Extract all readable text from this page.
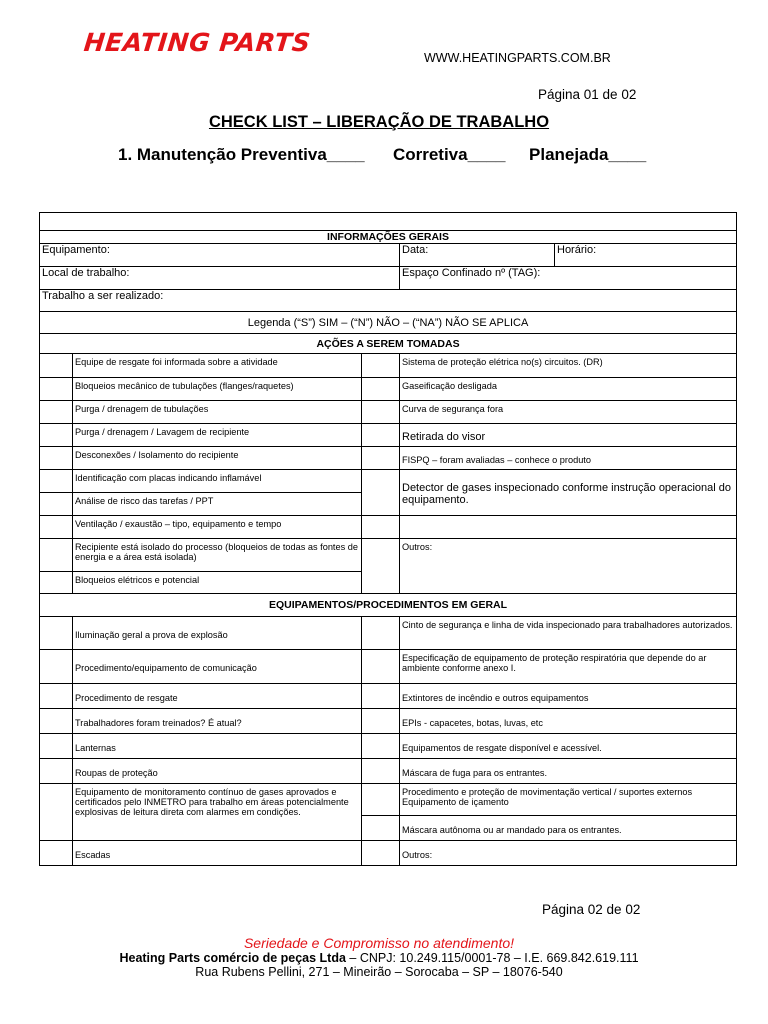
HEATING PARTS
WWW.HEATINGPARTS.COM.BR
Página 01 de 02
CHECK LIST – LIBERAÇÃO DE TRABALHO
1. Manutenção Preventiva____      Corretiva____     Planejada____

INFORMAÇÕES GERAIS				
Equipamento:			Data:	Horário:
Local de trabalho:			Espaço Confinado nº (TAG):	
Trabalho a ser realizado:				
Legenda (“S”) SIM – (“N”) NÃO – (“NA”) NÃO SE APLICA				
AÇÕES A SEREM TOMADAS				
	Equipe de resgate foi informada sobre a atividade		Sistema de proteção elétrica no(s) circuitos. (DR)	
	Bloqueios mecânico de tubulações (flanges/raquetes)		Gaseificação desligada	
	Purga / drenagem de tubulações		Curva de segurança fora	
	Purga / drenagem / Lavagem de recipiente		Retirada do visor	
	Desconexões / Isolamento do recipiente		FISPQ – foram avaliadas – conhece o produto	
	Identificação com placas indicando inflamável		Detector de gases inspecionado conforme instrução operacional do equipamento.	
	Análise de risco das tarefas / PPT			
	Ventilação / exaustão – tipo, equipamento e tempo			
	Recipiente está isolado do processo (bloqueios de todas as fontes de energia e a área está isolada)		Outros:	
	Bloqueios elétricos e potencial			
EQUIPAMENTOS/PROCEDIMENTOS EM GERAL				
	Iluminação geral a prova de explosão		Cinto de segurança e linha de vida inspecionado para trabalhadores autorizados.	
	Procedimento/equipamento de comunicação		Especificação de equipamento de proteção respiratória que depende do ar ambiente conforme anexo I.	
	Procedimento de resgate		Extintores de incêndio e outros equipamentos	
	Trabalhadores foram treinados? É atual?		EPIs - capacetes, botas, luvas, etc	
	Lanternas		Equipamentos de resgate disponível e acessível.	
	Roupas de proteção		Máscara de fuga para os entrantes.	
	Equipamento de monitoramento contínuo de gases aprovados e certificados pelo INMETRO para trabalho em áreas potencialmente explosivas de leitura direta com alarmes em condições.		Procedimento e proteção de movimentação vertical / suportes externos Equipamento de içamento	
			Máscara autônoma ou ar mandado para os entrantes.	
	Escadas		Outros:	
Página 02 de 02
Seriedade e Compromisso no atendimento!
Heating Parts comércio de peças Ltda – CNPJ: 10.249.115/0001-78 – I.E. 669.842.619.111
Rua Rubens Pellini, 271 – Mineirão – Sorocaba – SP – 18076-540
